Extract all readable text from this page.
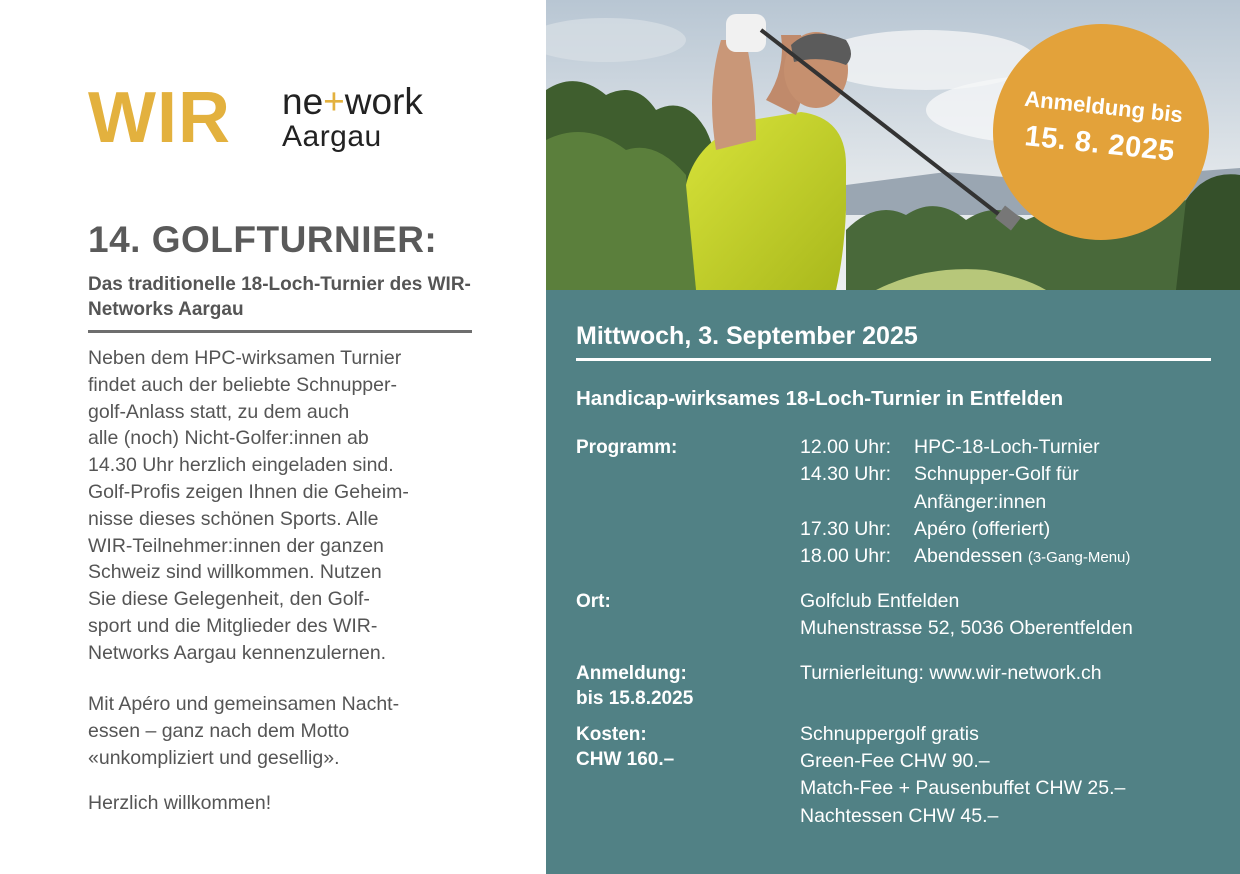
WIR ne+work
Aargau
14. GOLFTURNIER:
Das traditionelle 18-Loch-Turnier des WIR-Networks Aargau

Neben dem HPC-wirksamen Turnier
findet auch der beliebte Schnupper-
golf-Anlass statt, zu dem auch
alle (noch) Nicht-Golfer:innen ab
14.30 Uhr herzlich eingeladen sind.
Golf-Profis zeigen Ihnen die Geheim-
nisse dieses schönen Sports. Alle
WIR-Teilnehmer:innen der ganzen
Schweiz sind willkommen. Nutzen
Sie diese Gelegenheit, den Golf-
sport und die Mitglieder des WIR-
Networks Aargau kennenzulernen.

Mit Apéro und gemeinsamen Nacht-
essen – ganz nach dem Motto
«unkompliziert und gesellig».

Herzlich willkommen!
Anmeldung bis
15. 8. 2025
Mittwoch, 3. September 2025
Handicap-wirksames 18-Loch-Turnier in Entfelden
Programm:	12.00 Uhr: HPC-18-Loch-Turnier
14.30 Uhr: Schnupper-Golf für
Anfänger:innen
17.30 Uhr: Apéro (offeriert)
18.00 Uhr: Abendessen (3-Gang-Menu)
Ort:	Golfclub Entfelden
Muhenstrasse 52, 5036 Oberentfelden
Anmeldung:
bis 15.8.2025
Turnierleitung: www.wir-network.ch
Kosten:
CHW 160.–
Schnuppergolf gratis
Green-Fee CHW 90.–
Match-Fee + Pausenbuffet CHW 25.–
Nachtessen CHW 45.–
